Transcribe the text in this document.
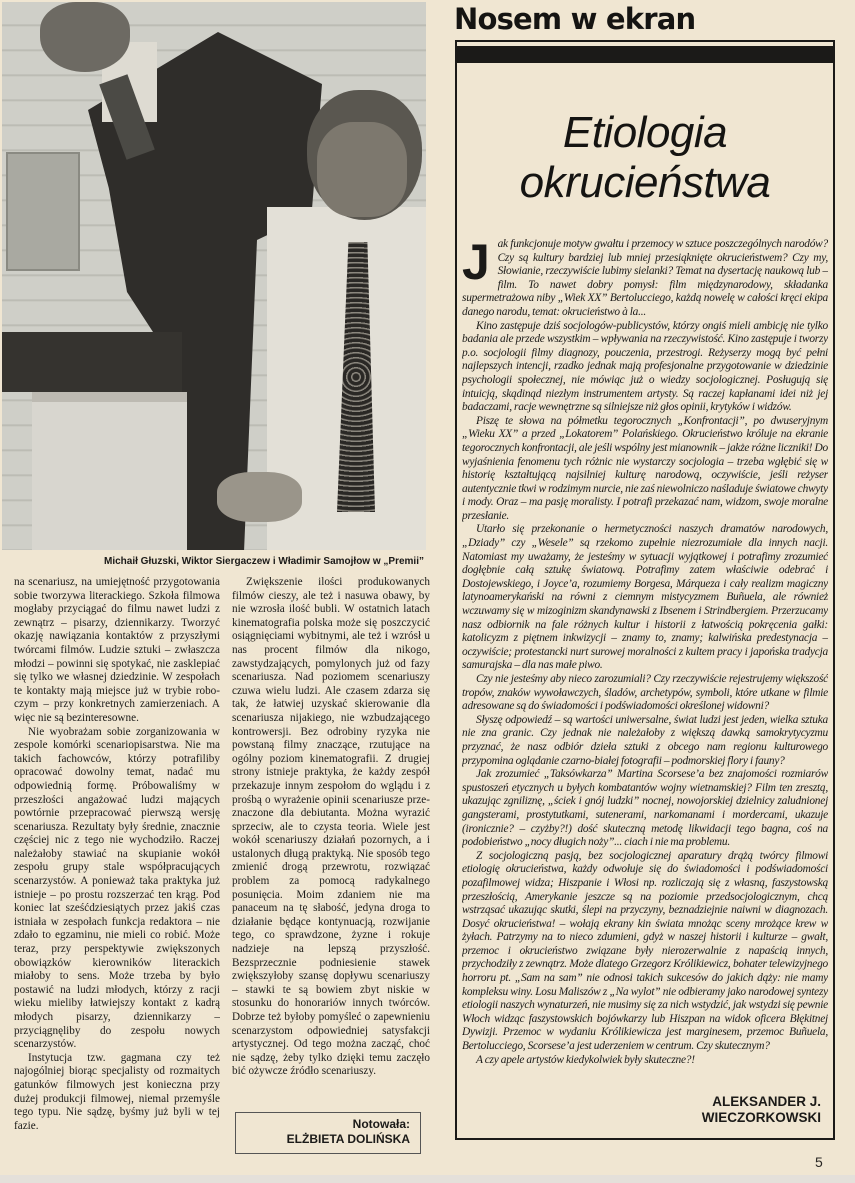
Michaił Głuzski, Wiktor Siergaczew i Władimir Samojłow w „Premii”

na scenariusz, na umiejętność przygotowania sobie tworzywa literackiego. Szkoła filmowa mogłaby przyciągać do filmu nawet ludzi z zewnątrz – pisarzy, dziennikarzy. Tworzyć okazję nawiązania kontaktów z przyszłymi twórcami filmów. Ludzie sztuki – zwłaszcza młodzi – powinni się spotykać, nie zasklepiać się tylko we własnej dziedzinie. W zespołach te kontakty mają miejsce już w trybie roboczym – przy konkretnych zamierzeniach. A więc nie są bezinteresowne.

Nie wyobrażam sobie zorganizowania w zespole komórki scenariopisarstwa. Nie ma takich fachowców, którzy potrafiliby opracować dowolny temat, nadać mu odpowiednią formę. Próbowaliśmy w przeszłości angażować ludzi mających powtórnie przepracować pierwszą wersję scenariusza. Rezultaty były średnie, znacznie częściej nic z tego nie wychodziło. Raczej należałoby stawiać na skupianie wokół zespołu grupy stale współpracujących scenarzystów. A ponieważ taka praktyka już istnieje – po prostu rozszerzać ten krąg. Pod koniec lat sześćdziesiątych przez jakiś czas istniała w zespołach funkcja redaktora – nie zdało to egzaminu, nie mieli co robić. Może teraz, przy perspektywie zwiększonych obowiązków kierowników literackich miałoby to sens. Może trzeba by było postawić na ludzi młodych, którzy z racji wieku mieliby łatwiejszy kontakt z kadrą młodych pisarzy, dziennikarzy – przyciągnęliby do zespołu nowych scenarzystów.

Instytucja tzw. gagmana czy też najogólniej biorąc specjalisty od rozmaitych gatunków filmowych jest konieczna przy dużej produkcji filmowej, niemal przemyśle tego typu. Nie sądzę, byśmy już byli w tej fazie.

Zwiększenie ilości produkowanych filmów cieszy, ale też i nasuwa obawy, by nie wzrosła ilość bubli. W ostatnich latach kinematografia polska może się poszczycić osiągnięciami wybitnymi, ale też i wzrósł u nas procent filmów dla nikogo, zawstydzających, pomylonych już od fazy scenariusza. Nad poziomem scenariuszy czuwa wielu ludzi. Ale czasem zdarza się tak, że łatwiej uzyskać skierowanie dla scenariusza nijakiego, nie wzbudzającego kontrowersji. Bez odrobiny ryzyka nie powstaną filmy znaczące, rzutujące na ogólny poziom kinematografii. Z drugiej strony istnieje praktyka, że każdy zespół przekazuje innym zespołom do wglądu i z prośbą o wyrażenie opinii scenariusze przeznaczone dla debiutanta. Można wyrazić sprzeciw, ale to czysta teoria. Wiele jest wokół scenariuszy działań pozornych, a i ustalonych długą praktyką. Nie sposób tego zmienić drogą przewrotu, rozwiązać problem za pomocą radykalnego posunięcia. Moim zdaniem nie ma panaceum na tę słabość, jedyna droga to działanie będące kontynuacją, rozwijanie tego, co sprawdzone, żyzne i rokuje nadzieje na lepszą przyszłość. Bezsprzecznie podniesienie stawek zwiększyłoby szansę dopływu scenariuszy – stawki te są bowiem zbyt niskie w stosunku do honorariów innych twórców. Dobrze też byłoby pomyśleć o zapewnieniu scenarzystom odpowiedniej satysfakcji artystycznej. Od tego można zacząć, choć nie sądzę, żeby tylko dzięki temu zaczęło bić ożywcze źródło scenariuszy.

Notowała:
ELŻBIETA DOLIŃSKA
Nosem w ekran
Etiologia
okrucieństwa

Jak funkcjonuje motyw gwałtu i przemocy w sztuce poszczególnych narodów? Czy są kultury bardziej lub mniej przesiąknięte okrucieństwem? Czy my, Słowianie, rzeczywiście lubimy sielanki? Temat na dysertację naukową lub – film. To nawet dobry pomysł: film międzynarodowy, składanka supermetrażowa niby „Wiek XX” Bertolucciego, każdą nowelę w całości kręci ekipa danego narodu, temat: okrucieństwo à la...

Kino zastępuje dziś socjologów-publicystów, którzy ongiś mieli ambicję nie tylko badania ale przede wszystkim – wpływania na rzeczywistość. Kino zastępuje i tworzy p.o. socjologii filmy diagnozy, pouczenia, przestrogi. Reżyserzy mogą być pełni najlepszych intencji, rzadko jednak mają profesjonalne przygotowanie w dziedzinie psychologii społecznej, nie mówiąc już o wiedzy socjologicznej. Posługują się intuicją, skądinąd niezłym instrumentem artysty. Są raczej kapłanami idei niż jej badaczami, racje wewnętrzne są silniejsze niż głos opinii, krytyków i widzów.

Piszę te słowa na półmetku tegorocznych „Konfrontacji”, po dwuseryjnym „Wieku XX” a przed „Lokatorem” Polańskiego. Okrucieństwo króluje na ekranie tegorocznych konfrontacji, ale jeśli wspólny jest mianownik – jakże różne liczniki! Do wyjaśnienia fenomenu tych różnic nie wystarczy socjologia – trzeba wgłębić się w historię kształtującą najsilniej kulturę narodową, oczywiście, jeśli reżyser autentycznie tkwi w rodzimym nurcie, nie zaś niewolniczo naśladuje światowe chwyty i mody. Oraz – ma pasję moralisty. I potrafi przekazać nam, widzom, swoje moralne przesłanie.

Utarło się przekonanie o hermetyczności naszych dramatów narodowych, „Dziady” czy „Wesele” są rzekomo zupełnie niezrozumiałe dla innych nacji. Natomiast my uważamy, że jesteśmy w sytuacji wyjątkowej i potrafimy zrozumieć dogłębnie całą sztukę światową. Potrafimy zatem właściwie odebrać i Dostojewskiego, i Joyce’a, rozumiemy Borgesa, Márqueza i cały realizm magiczny latynoamerykański na równi z ciemnym mistycyzmem Buñuela, ale również wczuwamy się w mizoginizm skandynawski z Ibsenem i Strindbergiem. Przerzucamy nasz odbiornik na fale różnych kultur i historii z łatwością pokręcenia gałki: katolicyzm z piętnem inkwizycji – znamy to, znamy; kalwińska predestynacja – oczywiście; protestancki nurt surowej moralności z kultem pracy i japońska tradycja samurajska – dla nas małe piwo.

Czy nie jesteśmy aby nieco zarozumiali? Czy rzeczywiście rejestrujemy większość tropów, znaków wywoławczych, śladów, archetypów, symboli, które utkane w filmie adresowane są do świadomości i podświadomości określonej widowni?

Słyszę odpowiedź – są wartości uniwersalne, świat ludzi jest jeden, wielka sztuka nie zna granic. Czy jednak nie należałoby z większą dawką samokrytycyzmu przyznać, że nasz odbiór dzieła sztuki z obcego nam regionu kulturowego przypomina oglądanie czarno-białej fotografii – podmorskiej flory i fauny?

Jak zrozumieć „Taksówkarza” Martina Scorsese’a bez znajomości rozmiarów spustoszeń etycznych u byłych kombatantów wojny wietnamskiej? Film ten zresztą, ukazując zgniliznę, „ściek i gnój ludzki” nocnej, nowojorskiej dzielnicy zaludnionej gangsterami, prostytutkami, sutenerami, narkomanami i mordercami, ukazuje (ironicznie? – czyżby?!) dość skuteczną metodę likwidacji tego bagna, coś na podobieństwo „nocy długich noży”... ciach i nie ma problemu.

Z socjologiczną pasją, bez socjologicznej aparatury drążą twórcy filmowi etiologię okrucieństwa, każdy odwołuje się do świadomości i podświadomości pozafilmowej widza; Hiszpanie i Włosi np. rozliczają się z własną, faszystowską przeszłością, Amerykanie jeszcze są na poziomie przedsocjologicznym, chcą wstrząsać ukazując skutki, ślepi na przyczyny, beznadziejnie naiwni w diagnozach. Dosyć okrucieństwa! – wołają ekrany kin świata mnożąc sceny mrożące krew w żyłach. Patrzymy na to nieco zdumieni, gdyż w naszej historii i kulturze – gwałt, przemoc i okrucieństwo związane były nierozerwalnie z napaścią innych, przychodziły z zewnątrz. Może dlatego Grzegorz Królikiewicz, bohater telewizyjnego horroru pt. „Sam na sam” nie odnosi takich sukcesów do jakich dąży: nie mamy kompleksu winy. Losu Maliszów z „Na wylot” nie odbieramy jako narodowej syntezy etiologii naszych wynaturzeń, nie musimy się za nich wstydzić, jak wstydzi się pewnie Włoch widząc faszystowskich bojówkarzy lub Hiszpan na widok oficera Błękitnej Dywizji. Przemoc w wydaniu Królikiewicza jest marginesem, przemoc Buñuela, Bertolucciego, Scorsese’a jest uderzeniem w centrum. Czy skutecznym?

A czy apele artystów kiedykolwiek były skuteczne?!

ALEKSANDER J.
WIECZORKOWSKI
5
